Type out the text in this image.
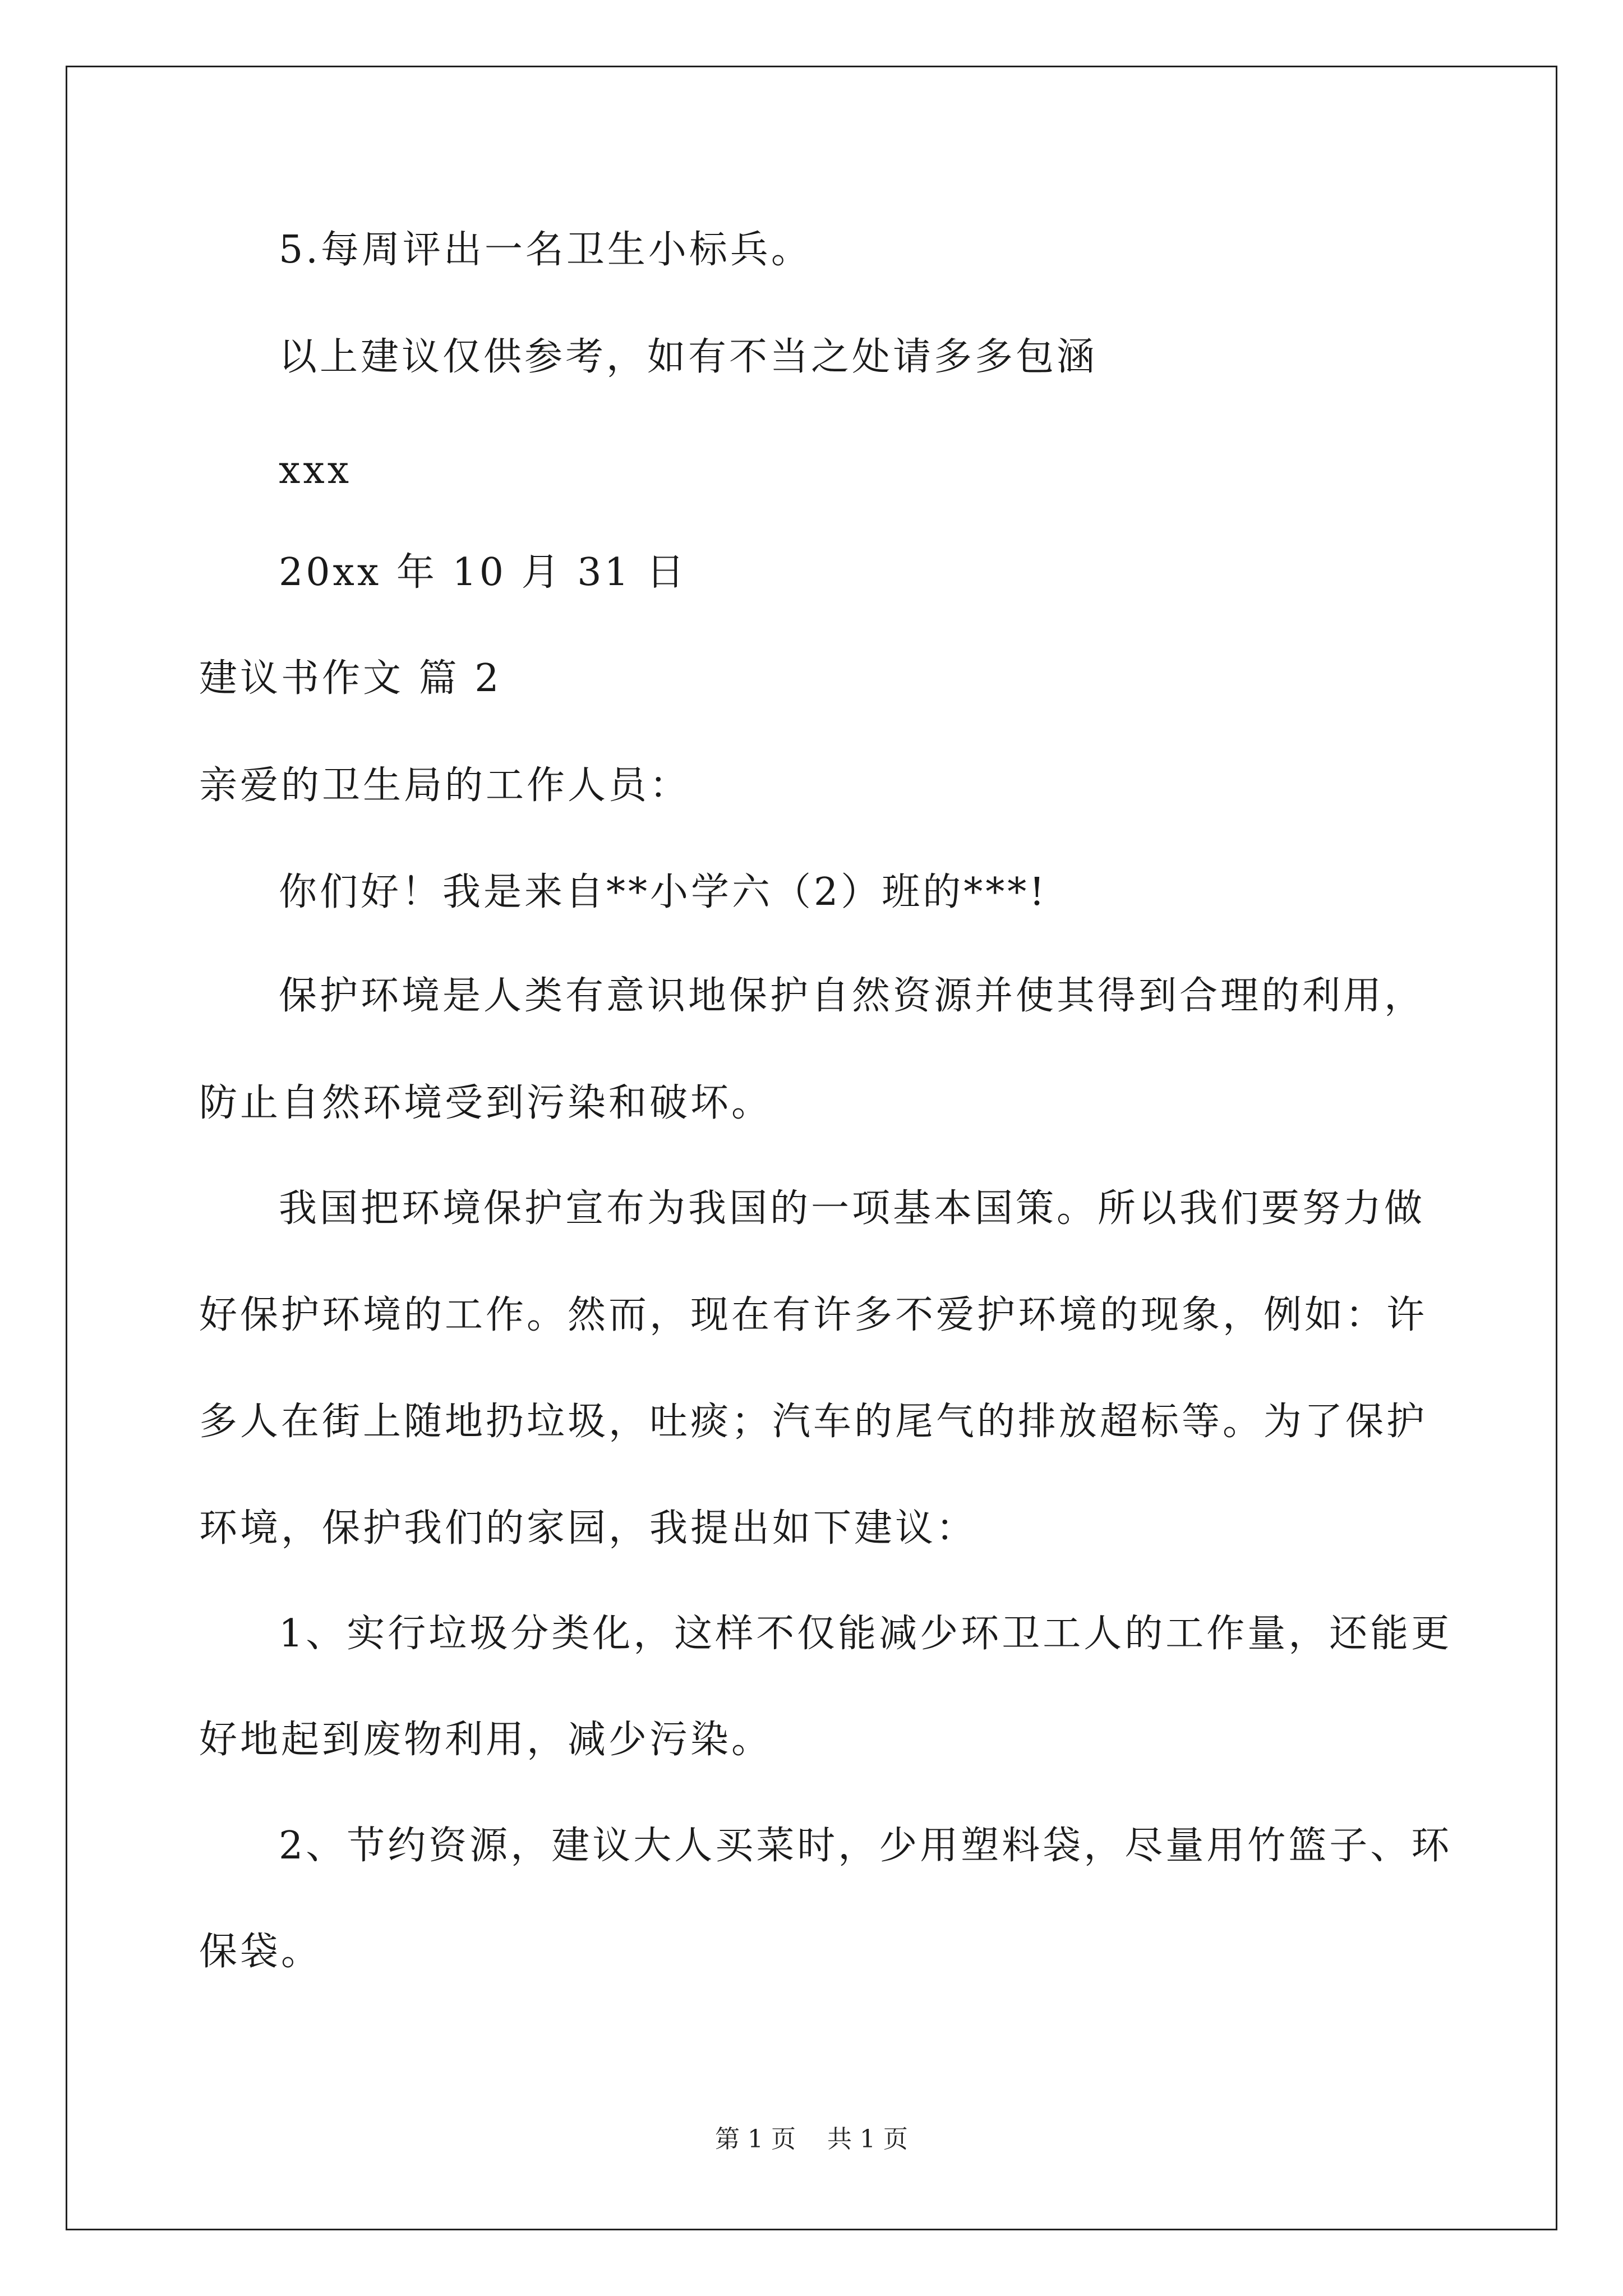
5.每周评出一名卫生小标兵。
以上建议仅供参考，如有不当之处请多多包涵
xxx
20xx 年 10 月 31 日
建议书作文 篇 2
亲爱的卫生局的工作人员：
你们好！我是来自**小学六（2）班的***!
保护环境是人类有意识地保护自然资源并使其得到合理的利用，
防止自然环境受到污染和破坏。
我国把环境保护宣布为我国的一项基本国策。所以我们要努力做
好保护环境的工作。然而，现在有许多不爱护环境的现象，例如：许
多人在街上随地扔垃圾，吐痰；汽车的尾气的排放超标等。为了保护
环境，保护我们的家园，我提出如下建议：
1、实行垃圾分类化，这样不仅能减少环卫工人的工作量，还能更
好地起到废物利用，减少污染。
2、节约资源，建议大人买菜时，少用塑料袋，尽量用竹篮子、环
保袋。
第 1 页    共 1 页
